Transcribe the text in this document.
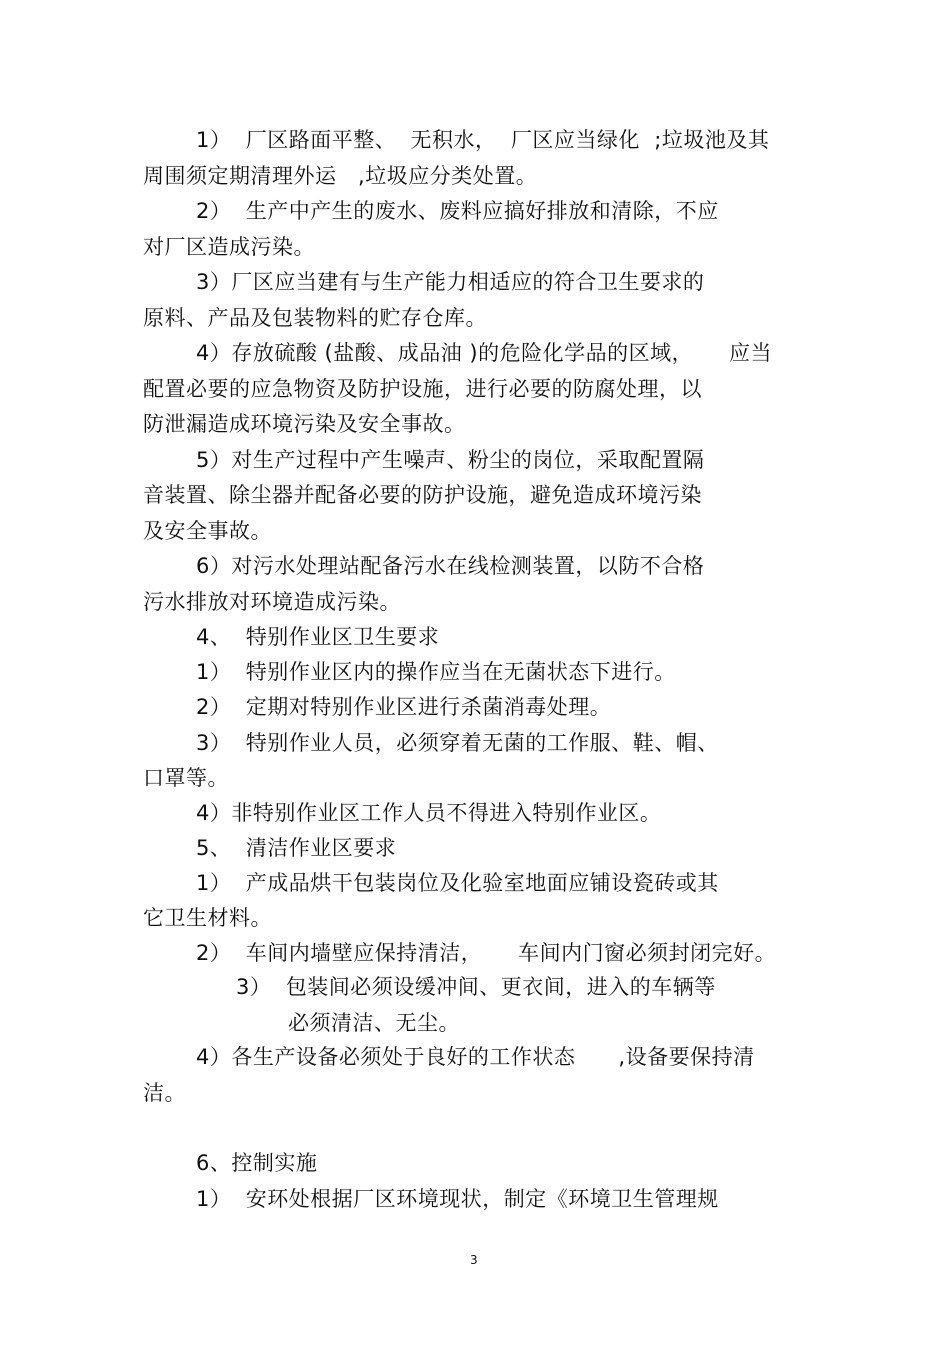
1）  厂区路面平整、  无积水，  厂区应当绿化  ;垃圾池及其
周围须定期清理外运   ,垃圾应分类处置。
2）  生产中产生的废水、废料应搞好排放和清除，不应
对厂区造成污染。
3）厂区应当建有与生产能力相适应的符合卫生要求的
原料、产品及包装物料的贮存仓库。
4）存放硫酸 (盐酸、成品油 )的危险化学品的区域，     应当
配置必要的应急物资及防护设施，进行必要的防腐处理，以
防泄漏造成环境污染及安全事故。
5）对生产过程中产生噪声、粉尘的岗位，采取配置隔
音装置、除尘器并配备必要的防护设施，避免造成环境污染
及安全事故。
6）对污水处理站配备污水在线检测装置，以防不合格
污水排放对环境造成污染。
4、  特别作业区卫生要求
1）  特别作业区内的操作应当在无菌状态下进行。
2）  定期对特别作业区进行杀菌消毒处理。
3）  特别作业人员，必须穿着无菌的工作服、鞋、帽、
口罩等。
4）非特别作业区工作人员不得进入特别作业区。
5、  清洁作业区要求
1）  产成品烘干包装岗位及化验室地面应铺设瓷砖或其
它卫生材料。
2）  车间内墙壁应保持清洁，     车间内门窗必须封闭完好。
3）  包装间必须设缓冲间、更衣间，进入的车辆等
必须清洁、无尘。
4）各生产设备必须处于良好的工作状态      ,设备要保持清
洁。
6、控制实施
1）  安环处根据厂区环境现状，制定《环境卫生管理规
3
